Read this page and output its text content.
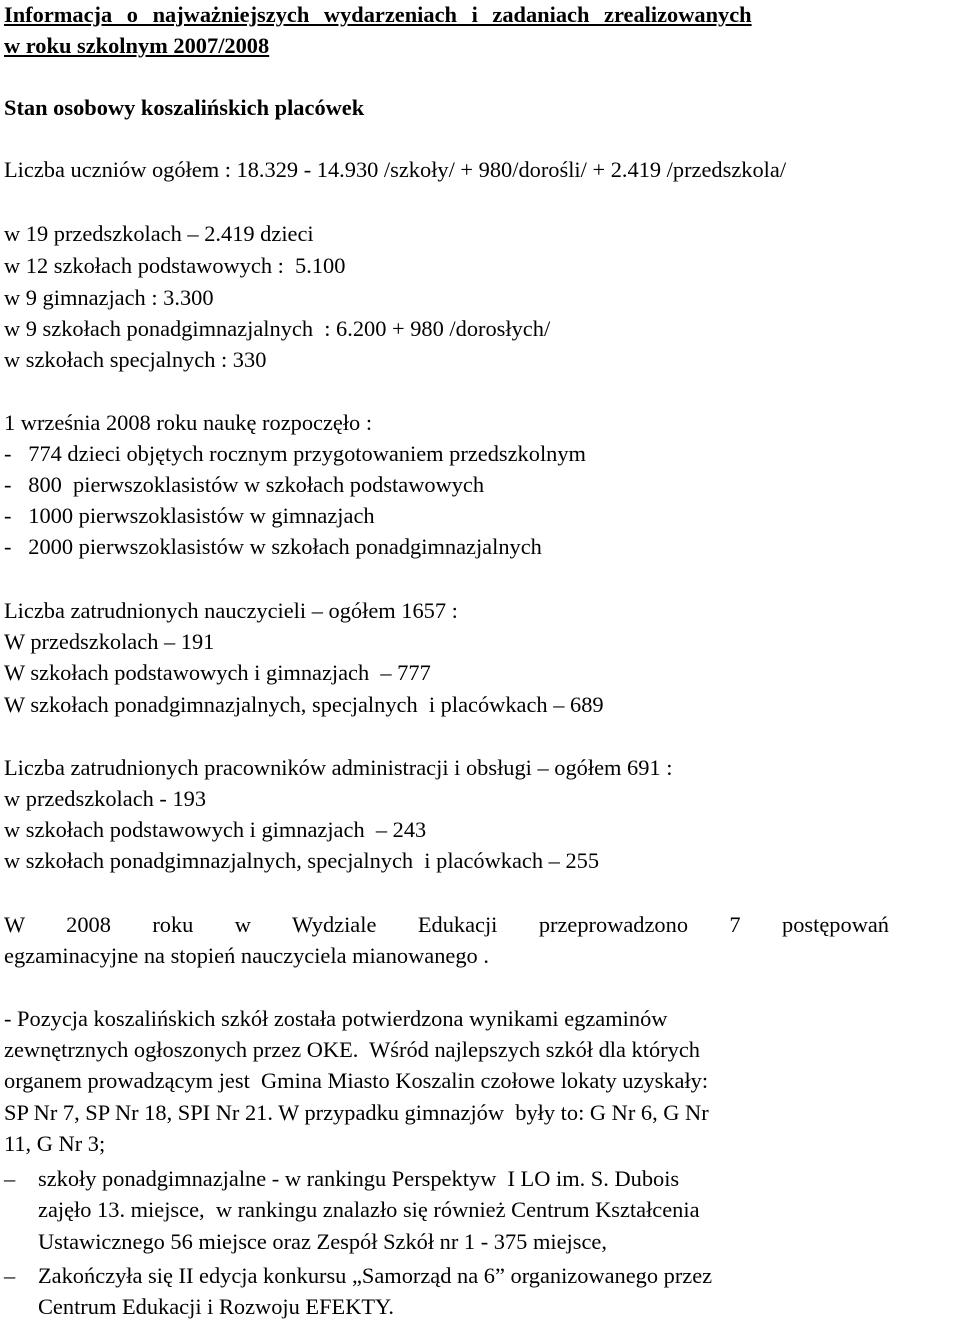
Informacja o najważniejszych wydarzeniach i zadaniach zrealizowanych
w roku szkolnym 2007/2008
Stan osobowy koszalińskich placówek
Liczba uczniów ogółem : 18.329 - 14.930 /szkoły/ + 980/dorośli/ + 2.419 /przedszkola/
w 19 przedszkolach – 2.419 dzieci
w 12 szkołach podstawowych :  5.100
w 9 gimnazjach : 3.300
w 9 szkołach ponadgimnazjalnych  : 6.200 + 980 /dorosłych/
w szkołach specjalnych : 330
1 września 2008 roku naukę rozpoczęło :
-   774 dzieci objętych rocznym przygotowaniem przedszkolnym
-   800  pierwszoklasistów w szkołach podstawowych
-   1000 pierwszoklasistów w gimnazjach
-   2000 pierwszoklasistów w szkołach ponadgimnazjalnych
Liczba zatrudnionych nauczycieli – ogółem 1657 :
W przedszkolach – 191
W szkołach podstawowych i gimnazjach  – 777
W szkołach ponadgimnazjalnych, specjalnych  i placówkach – 689
Liczba zatrudnionych pracowników administracji i obsługi – ogółem 691 :
w przedszkolach - 193
w szkołach podstawowych i gimnazjach  – 243
w szkołach ponadgimnazjalnych, specjalnych  i placówkach – 255
W 2008 roku w Wydziale Edukacji przeprowadzono 7 postępowań
egzaminacyjne na stopień nauczyciela mianowanego .
- Pozycja koszalińskich szkół została potwierdzona wynikami egzaminów
zewnętrznych ogłoszonych przez OKE.  Wśród najlepszych szkół dla których
organem prowadzącym jest  Gmina Miasto Koszalin czołowe lokaty uzyskały:
SP Nr 7, SP Nr 18, SPI Nr 21. W przypadku gimnazjów  były to: G Nr 6, G Nr
11, G Nr 3;
– szkoły ponadgimnazjalne - w rankingu Perspektyw  I LO im. S. Dubois
zajęło 13. miejsce,  w rankingu znalazło się również Centrum Kształcenia
Ustawicznego 56 miejsce oraz Zespół Szkół nr 1 - 375 miejsce,
– Zakończyła się II edycja konkursu „Samorząd na 6” organizowanego przez
Centrum Edukacji i Rozwoju EFEKTY.
